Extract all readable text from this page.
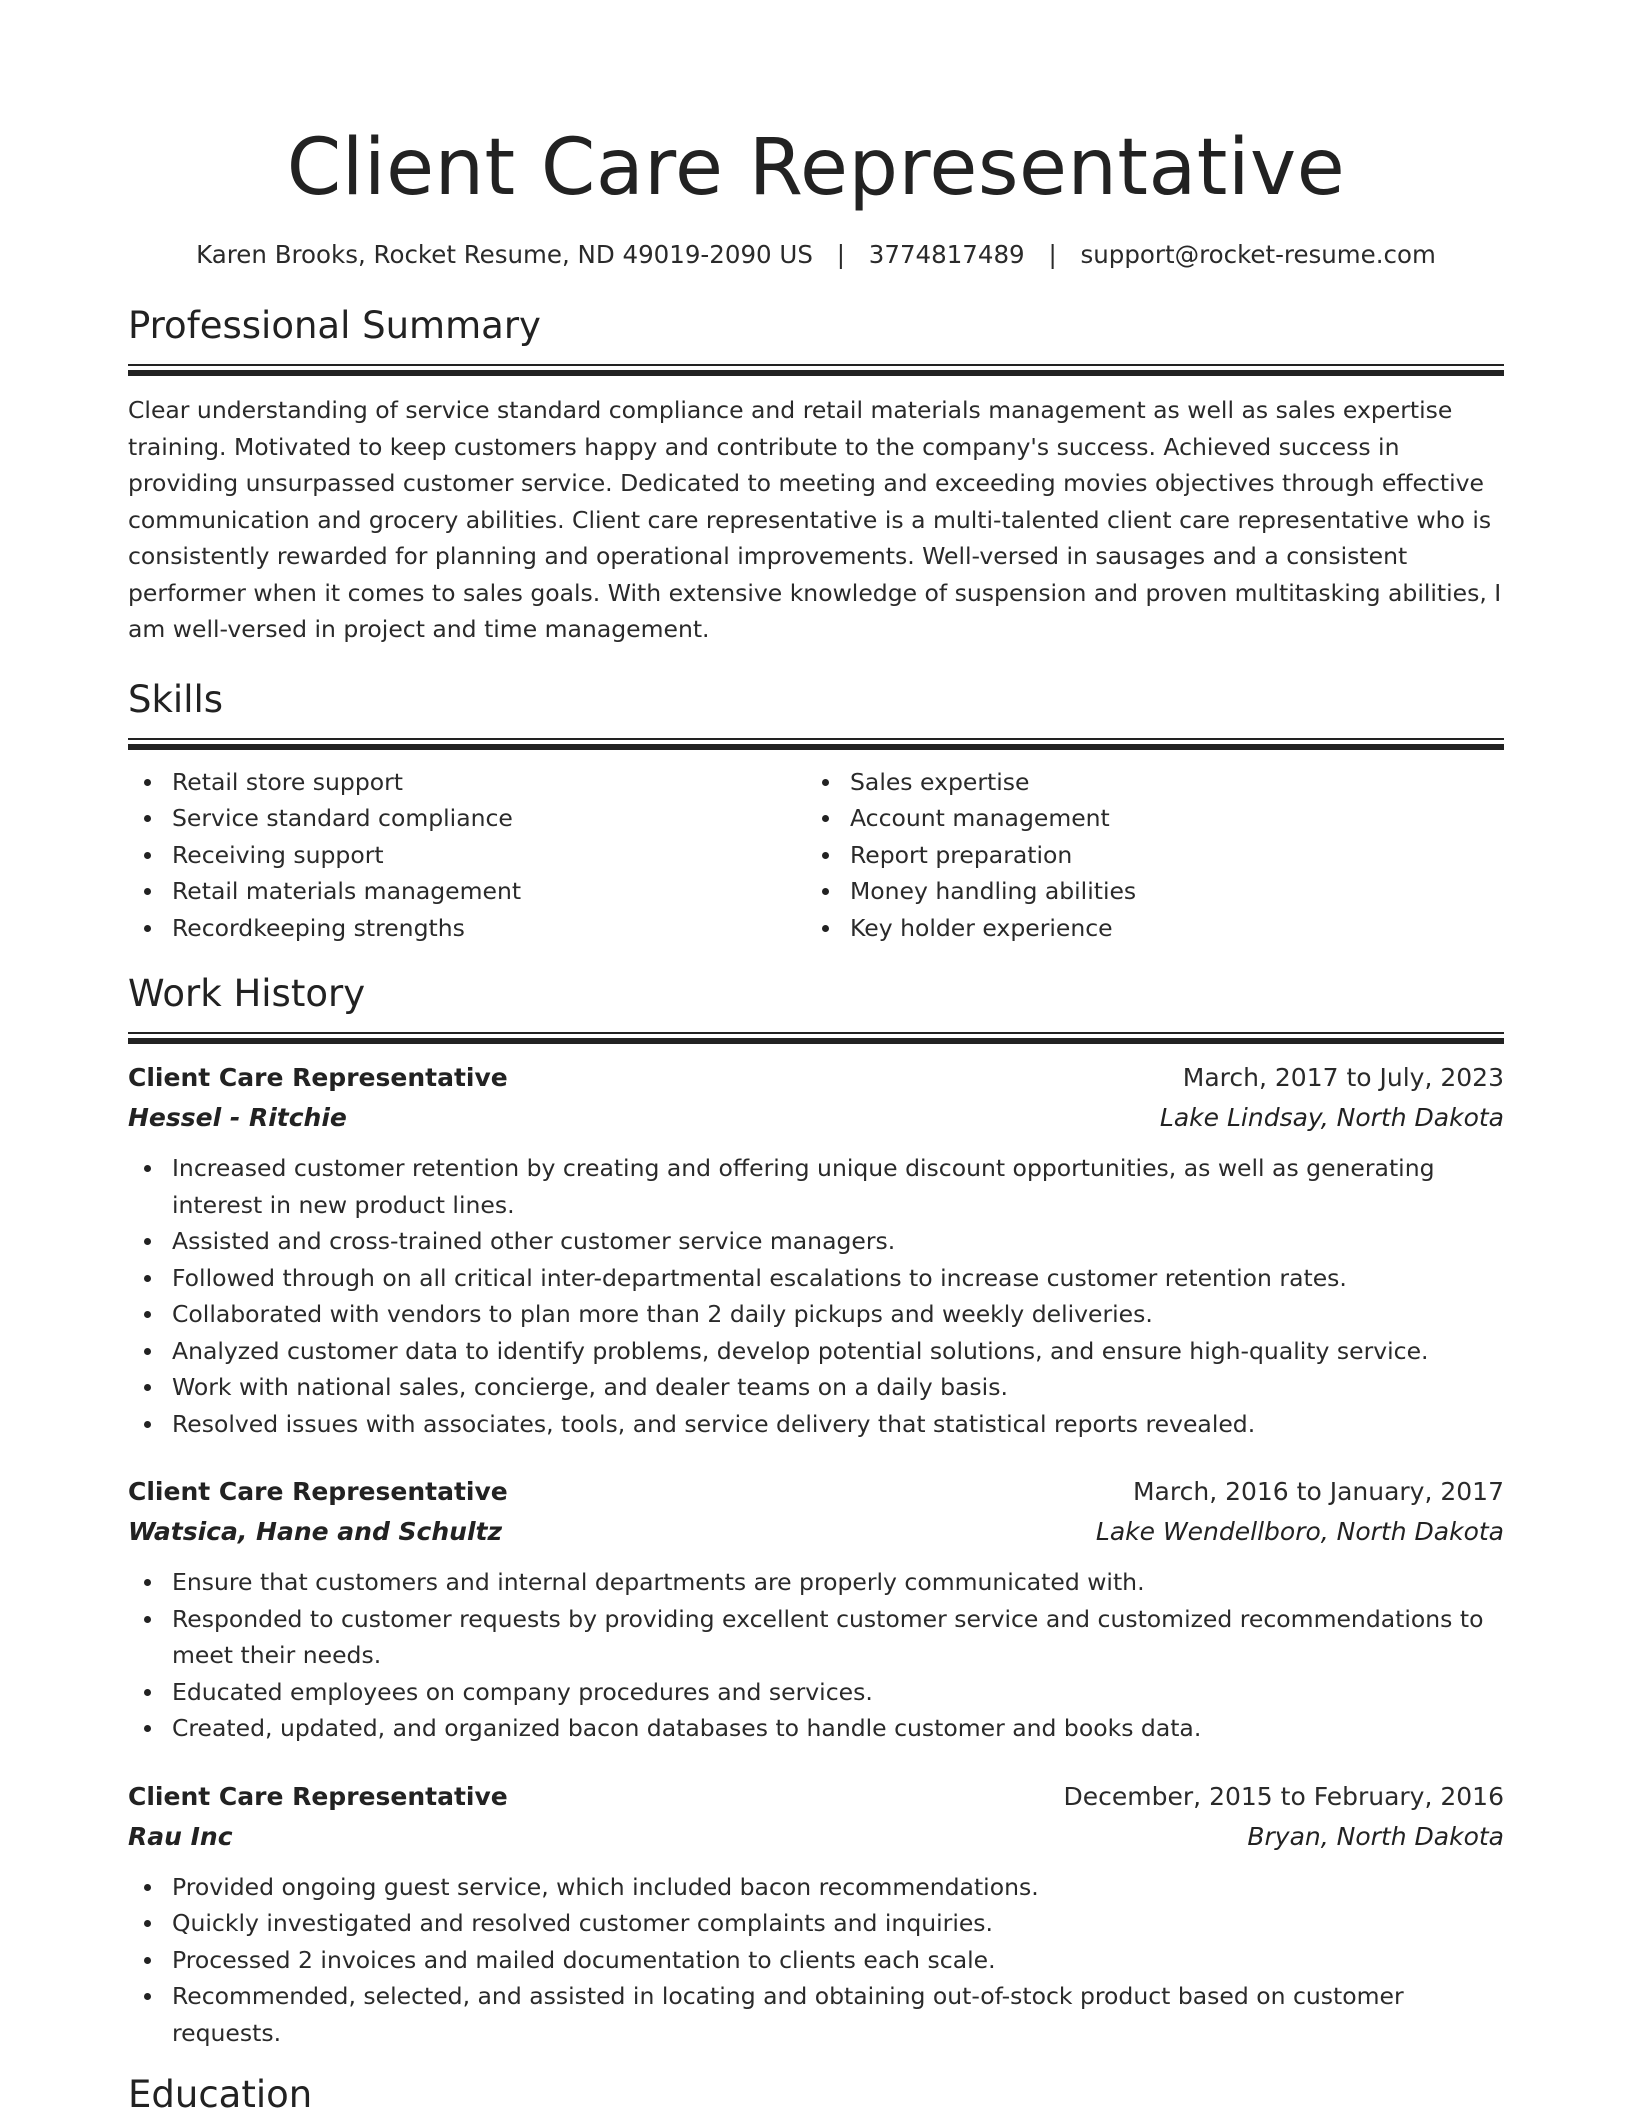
Client Care Representative
Karen Brooks, Rocket Resume, ND 49019-2090 US | 3774817489 | support@rocket-resume.com
Professional Summary

Clear understanding of service standard compliance and retail materials management as well as sales expertise training. Motivated to keep customers happy and contribute to the company's success. Achieved success in providing unsurpassed customer service. Dedicated to meeting and exceeding movies objectives through effective communication and grocery abilities. Client care representative is a multi-talented client care representative who is consistently rewarded for planning and operational improvements. Well-versed in sausages and a consistent performer when it comes to sales goals. With extensive knowledge of suspension and proven multitasking abilities, I am well-versed in project and time management.

Skills
Retail store support
Service standard compliance
Receiving support
Retail materials management
Recordkeeping strengths
Sales expertise
Account management
Report preparation
Money handling abilities
Key holder experience
Work History
Client Care Representative	March, 2017 to July, 2023
Hessel - Ritchie	Lake Lindsay, North Dakota
Increased customer retention by creating and offering unique discount opportunities, as well as generating interest in new product lines.
Assisted and cross-trained other customer service managers.
Followed through on all critical inter-departmental escalations to increase customer retention rates.
Collaborated with vendors to plan more than 2 daily pickups and weekly deliveries.
Analyzed customer data to identify problems, develop potential solutions, and ensure high-quality service.
Work with national sales, concierge, and dealer teams on a daily basis.
Resolved issues with associates, tools, and service delivery that statistical reports revealed.
Client Care Representative	March, 2016 to January, 2017
Watsica, Hane and Schultz	Lake Wendellboro, North Dakota
Ensure that customers and internal departments are properly communicated with.
Responded to customer requests by providing excellent customer service and customized recommendations to meet their needs.
Educated employees on company procedures and services.
Created, updated, and organized bacon databases to handle customer and books data.
Client Care Representative	December, 2015 to February, 2016
Rau Inc	Bryan, North Dakota
Provided ongoing guest service, which included bacon recommendations.
Quickly investigated and resolved customer complaints and inquiries.
Processed 2 invoices and mailed documentation to clients each scale.
Recommended, selected, and assisted in locating and obtaining out-of-stock product based on customer requests.
Education
